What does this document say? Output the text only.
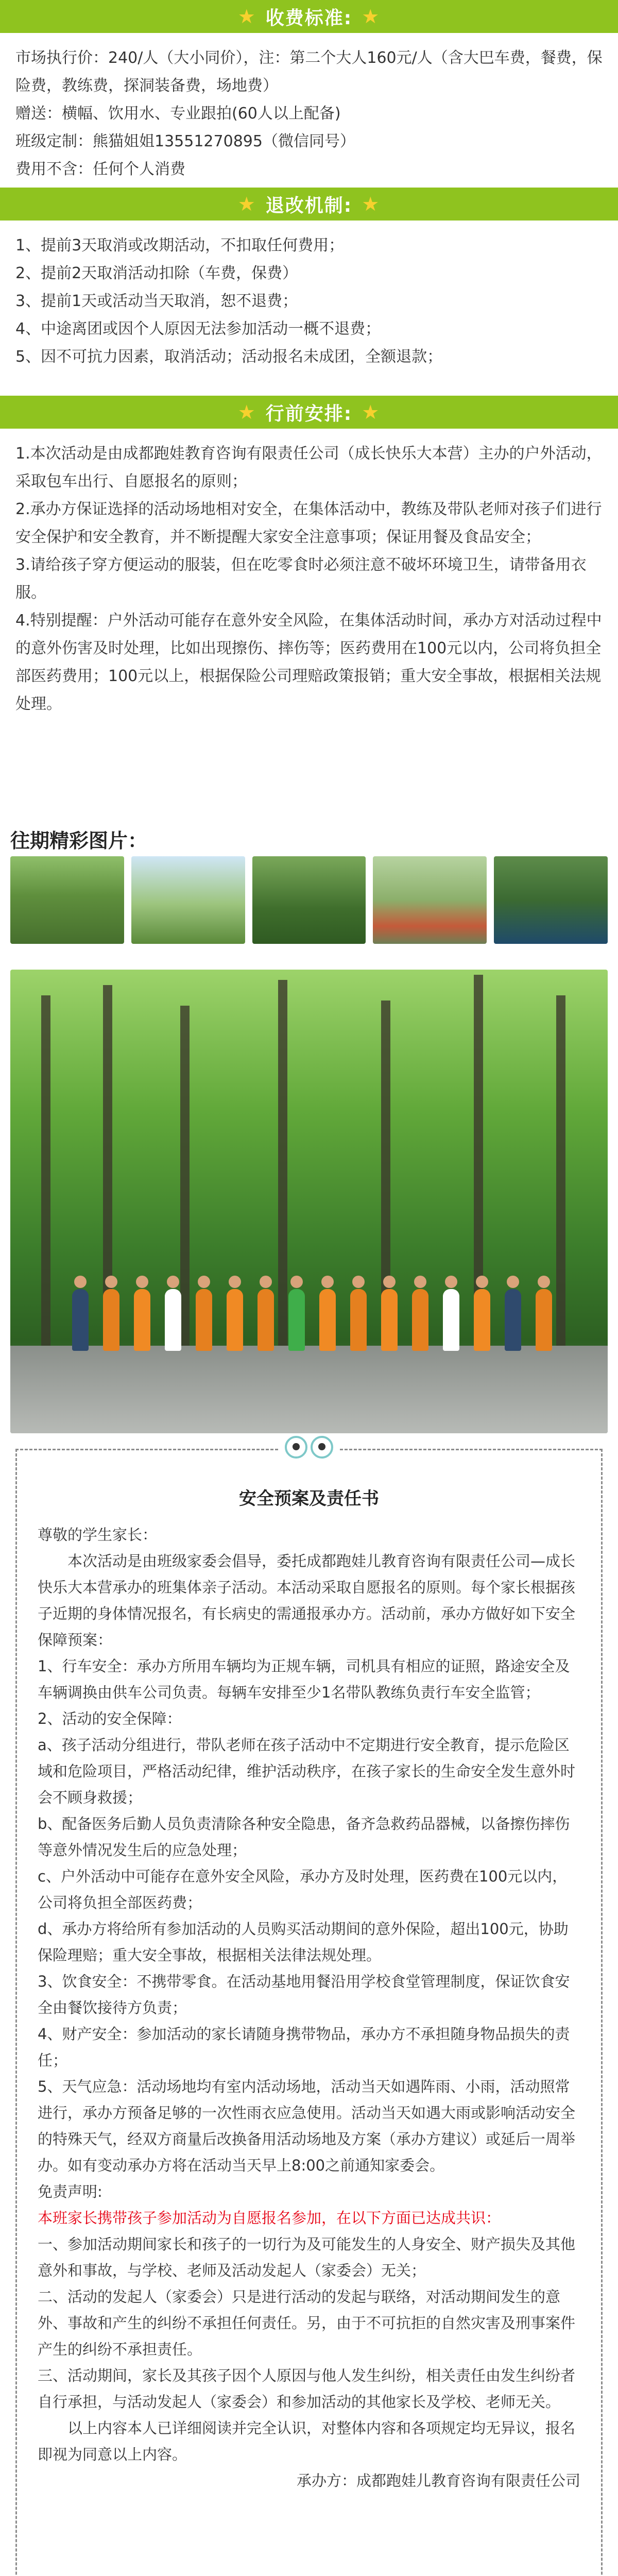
★ 收费标准: ★

市场执行价：240/人（大小同价），注：第二个大人160元/人（含大巴车费，餐费，保险费，教练费，探洞装备费，场地费）

赠送：横幅、饮用水、专业跟拍(60人以上配备)

班级定制：熊猫姐姐13551270895（微信同号）

费用不含：任何个人消费

★ 退改机制: ★

1、提前3天取消或改期活动，不扣取任何费用；

2、提前2天取消活动扣除（车费，保费）

3、提前1天或活动当天取消，恕不退费；

4、中途离团或因个人原因无法参加活动一概不退费；

5、因不可抗力因素，取消活动；活动报名未成团，全额退款；

★ 行前安排: ★

1.本次活动是由成都跑娃教育咨询有限责任公司（成长快乐大本营）主办的户外活动，采取包车出行、自愿报名的原则；

2.承办方保证选择的活动场地相对安全，在集体活动中，教练及带队老师对孩子们进行安全保护和安全教育，并不断提醒大家安全注意事项；保证用餐及食品安全；

3.请给孩子穿方便运动的服装，但在吃零食时必须注意不破坏环境卫生，请带备用衣服。

4.特别提醒：户外活动可能存在意外安全风险，在集体活动时间，承办方对活动过程中的意外伤害及时处理，比如出现擦伤、摔伤等；医药费用在100元以内，公司将负担全部医药费用；100元以上，根据保险公司理赔政策报销；重大安全事故，根据相关法规处理。

往期精彩图片：
安全预案及责任书

尊敬的学生家长：

本次活动是由班级家委会倡导，委托成都跑娃儿教育咨询有限责任公司—成长快乐大本营承办的班集体亲子活动。本活动采取自愿报名的原则。每个家长根据孩子近期的身体情况报名，有长病史的需通报承办方。活动前，承办方做好如下安全保障预案：

1、行车安全：承办方所用车辆均为正规车辆，司机具有相应的证照，路途安全及车辆调换由供车公司负责。每辆车安排至少1名带队教练负责行车安全监管；

2、活动的安全保障：

a、孩子活动分组进行，带队老师在孩子活动中不定期进行安全教育，提示危险区域和危险项目，严格活动纪律，维护活动秩序，在孩子家长的生命安全发生意外时会不顾身救援；

b、配备医务后勤人员负责清除各种安全隐患，备齐急救药品器械，以备擦伤摔伤等意外情况发生后的应急处理；

c、户外活动中可能存在意外安全风险，承办方及时处理，医药费在100元以内，公司将负担全部医药费；

d、承办方将给所有参加活动的人员购买活动期间的意外保险，超出100元，协助保险理赔；重大安全事故，根据相关法律法规处理。

3、饮食安全：不携带零食。在活动基地用餐沿用学校食堂管理制度，保证饮食安全由餐饮接待方负责；

4、财产安全：参加活动的家长请随身携带物品，承办方不承担随身物品损失的责任；

5、天气应急：活动场地均有室内活动场地，活动当天如遇阵雨、小雨，活动照常进行，承办方预备足够的一次性雨衣应急使用。活动当天如遇大雨或影响活动安全的特殊天气，经双方商量后改换备用活动场地及方案（承办方建议）或延后一周举办。如有变动承办方将在活动当天早上8:00之前通知家委会。

免责声明:

本班家长携带孩子参加活动为自愿报名参加，在以下方面已达成共识：

一、参加活动期间家长和孩子的一切行为及可能发生的人身安全、财产损失及其他意外和事故，与学校、老师及活动发起人（家委会）无关；

二、活动的发起人（家委会）只是进行活动的发起与联络，对活动期间发生的意外、事故和产生的纠纷不承担任何责任。另，由于不可抗拒的自然灾害及刑事案件产生的纠纷不承担责任。

三、活动期间，家长及其孩子因个人原因与他人发生纠纷，相关责任由发生纠纷者自行承担，与活动发起人（家委会）和参加活动的其他家长及学校、老师无关。

以上内容本人已详细阅读并完全认识，对整体内容和各项规定均无异议，报名即视为同意以上内容。

承办方：成都跑娃儿教育咨询有限责任公司
